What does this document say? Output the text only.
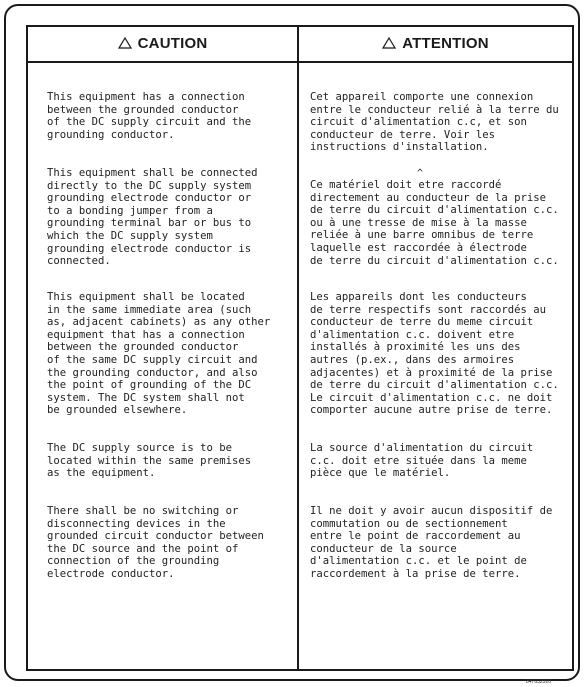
CAUTION	ATTENTION

This equipment has a connection
between the grounded conductor
of the DC supply circuit and the
grounding conductor.

This equipment shall be connected
directly to the DC supply system
grounding electrode conductor or
to a bonding jumper from a
grounding terminal bar or bus to
which the DC supply system
grounding electrode conductor is
connected.

This equipment shall be located
in the same immediate area (such
as, adjacent cabinets) as any other
equipment that has a connection
between the grounded conductor
of the same DC supply circuit and
the grounding conductor, and also
the point of grounding of the DC
system. The DC system shall not
be grounded elsewhere.

The DC supply source is to be
located within the same premises
as the equipment.

There shall be no switching or
disconnecting devices in the
grounded circuit conductor between
the DC source and the point of
connection of the grounding
electrode conductor.

Cet appareil comporte une connexion
entre le conducteur relié à la terre du
circuit d'alimentation c.c, et son
conducteur de terre. Voir les
instructions d'installation.

^

Ce matériel doit etre raccordé
directement au conducteur de la prise
de terre du circuit d'alimentation c.c.
ou à une tresse de mise à la masse
reliée à une barre omnibus de terre
laquelle est raccordée à électrode
de terre du circuit d'alimentation c.c.

Les appareils dont les conducteurs
de terre respectifs sont raccordés au
conducteur de terre du meme circuit
d'alimentation c.c. doivent etre
installés à proximité les uns des
autres (p.ex., dans des armoires
adjacentes) et à proximité de la prise
de terre du circuit d'alimentation c.c.
Le circuit d'alimentation c.c. ne doit
comporter aucune autre prise de terre.

La source d'alimentation du circuit
c.c. doit etre située dans la meme
pièce que le matériel.

Il ne doit y avoir aucun dispositif de
commutation ou de sectionnement
entre le point de raccordement au
conducteur de la source
d'alimentation c.c. et le point de
raccordement à la prise de terre.

847632320
